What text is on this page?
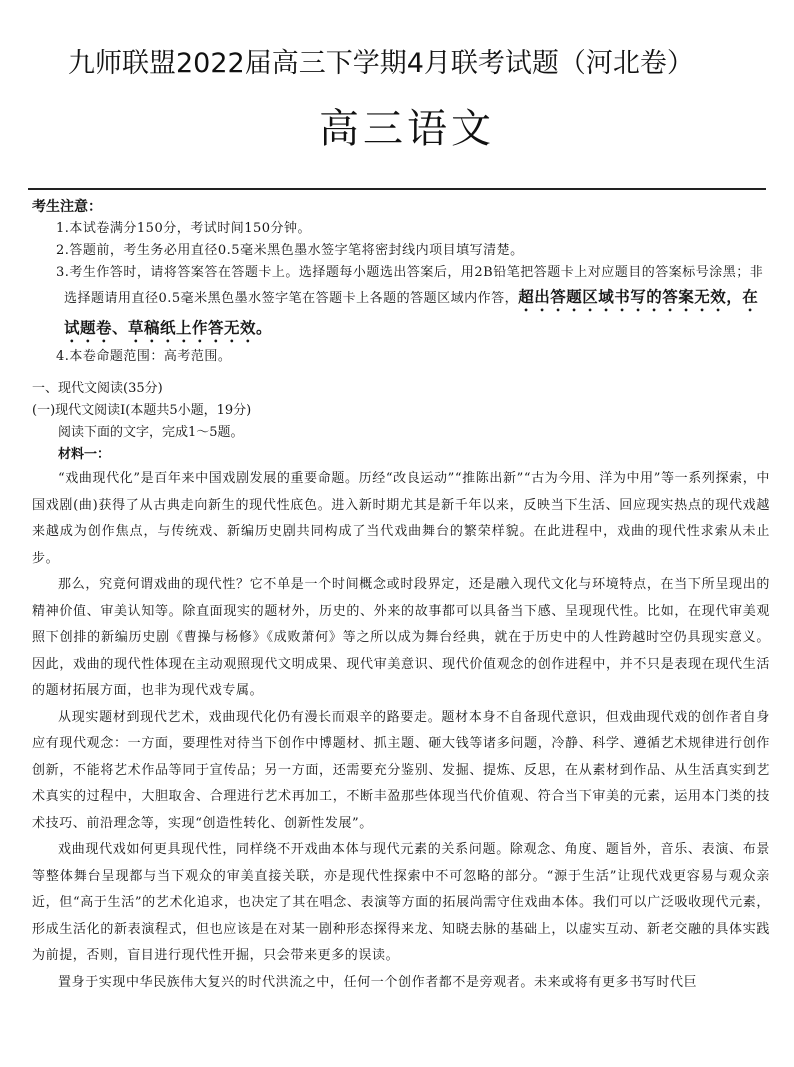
九师联盟2022届高三下学期4月联考试题（河北卷）
高三语文
考生注意：
1.本试卷满分150分，考试时间150分钟。
2.答题前，考生务必用直径0.5毫米黑色墨水签字笔将密封线内项目填写清楚。
3.考生作答时，请将答案答在答题卡上。选择题每小题选出答案后，用2B铅笔把答题卡上对应题目的答案标号涂黑；非选择题请用直径0.5毫米黑色墨水签字笔在答题卡上各题的答题区域内作答，超出答题区域书写的答案无效，在试题卷、草稿纸上作答无效。
4.本卷命题范围：高考范围。
一、现代文阅读(35分)
(一)现代文阅读Ⅰ(本题共5小题，19分)
阅读下面的文字，完成1～5题。
材料一：

“戏曲现代化”是百年来中国戏剧发展的重要命题。历经“改良运动”“推陈出新”“古为今用、洋为中用”等一系列探索，中国戏剧(曲)获得了从古典走向新生的现代性底色。进入新时期尤其是新千年以来，反映当下生活、回应现实热点的现代戏越来越成为创作焦点，与传统戏、新编历史剧共同构成了当代戏曲舞台的繁荣样貌。在此进程中，戏曲的现代性求索从未止步。

那么，究竟何谓戏曲的现代性？它不单是一个时间概念或时段界定，还是融入现代文化与环境特点，在当下所呈现出的精神价值、审美认知等。除直面现实的题材外，历史的、外来的故事都可以具备当下感、呈现现代性。比如，在现代审美观照下创排的新编历史剧《曹操与杨修》《成败萧何》等之所以成为舞台经典，就在于历史中的人性跨越时空仍具现实意义。因此，戏曲的现代性体现在主动观照现代文明成果、现代审美意识、现代价值观念的创作进程中，并不只是表现在现代生活的题材拓展方面，也非为现代戏专属。

从现实题材到现代艺术，戏曲现代化仍有漫长而艰辛的路要走。题材本身不自备现代意识，但戏曲现代戏的创作者自身应有现代观念：一方面，要理性对待当下创作中博题材、抓主题、砸大钱等诸多问题，冷静、科学、遵循艺术规律进行创作创新，不能将艺术作品等同于宣传品；另一方面，还需要充分鉴别、发掘、提炼、反思，在从素材到作品、从生活真实到艺术真实的过程中，大胆取舍、合理进行艺术再加工，不断丰盈那些体现当代价值观、符合当下审美的元素，运用本门类的技术技巧、前沿理念等，实现“创造性转化、创新性发展”。

戏曲现代戏如何更具现代性，同样绕不开戏曲本体与现代元素的关系问题。除观念、角度、题旨外，音乐、表演、布景等整体舞台呈现都与当下观众的审美直接关联，亦是现代性探索中不可忽略的部分。“源于生活”让现代戏更容易与观众亲近，但“高于生活”的艺术化追求，也决定了其在唱念、表演等方面的拓展尚需守住戏曲本体。我们可以广泛吸收现代元素，形成生活化的新表演程式，但也应该是在对某一剧种形态探得来龙、知晓去脉的基础上，以虚实互动、新老交融的具体实践为前提，否则，盲目进行现代性开掘，只会带来更多的误读。

置身于实现中华民族伟大复兴的时代洪流之中，任何一个创作者都不是旁观者。未来或将有更多书写时代巨
